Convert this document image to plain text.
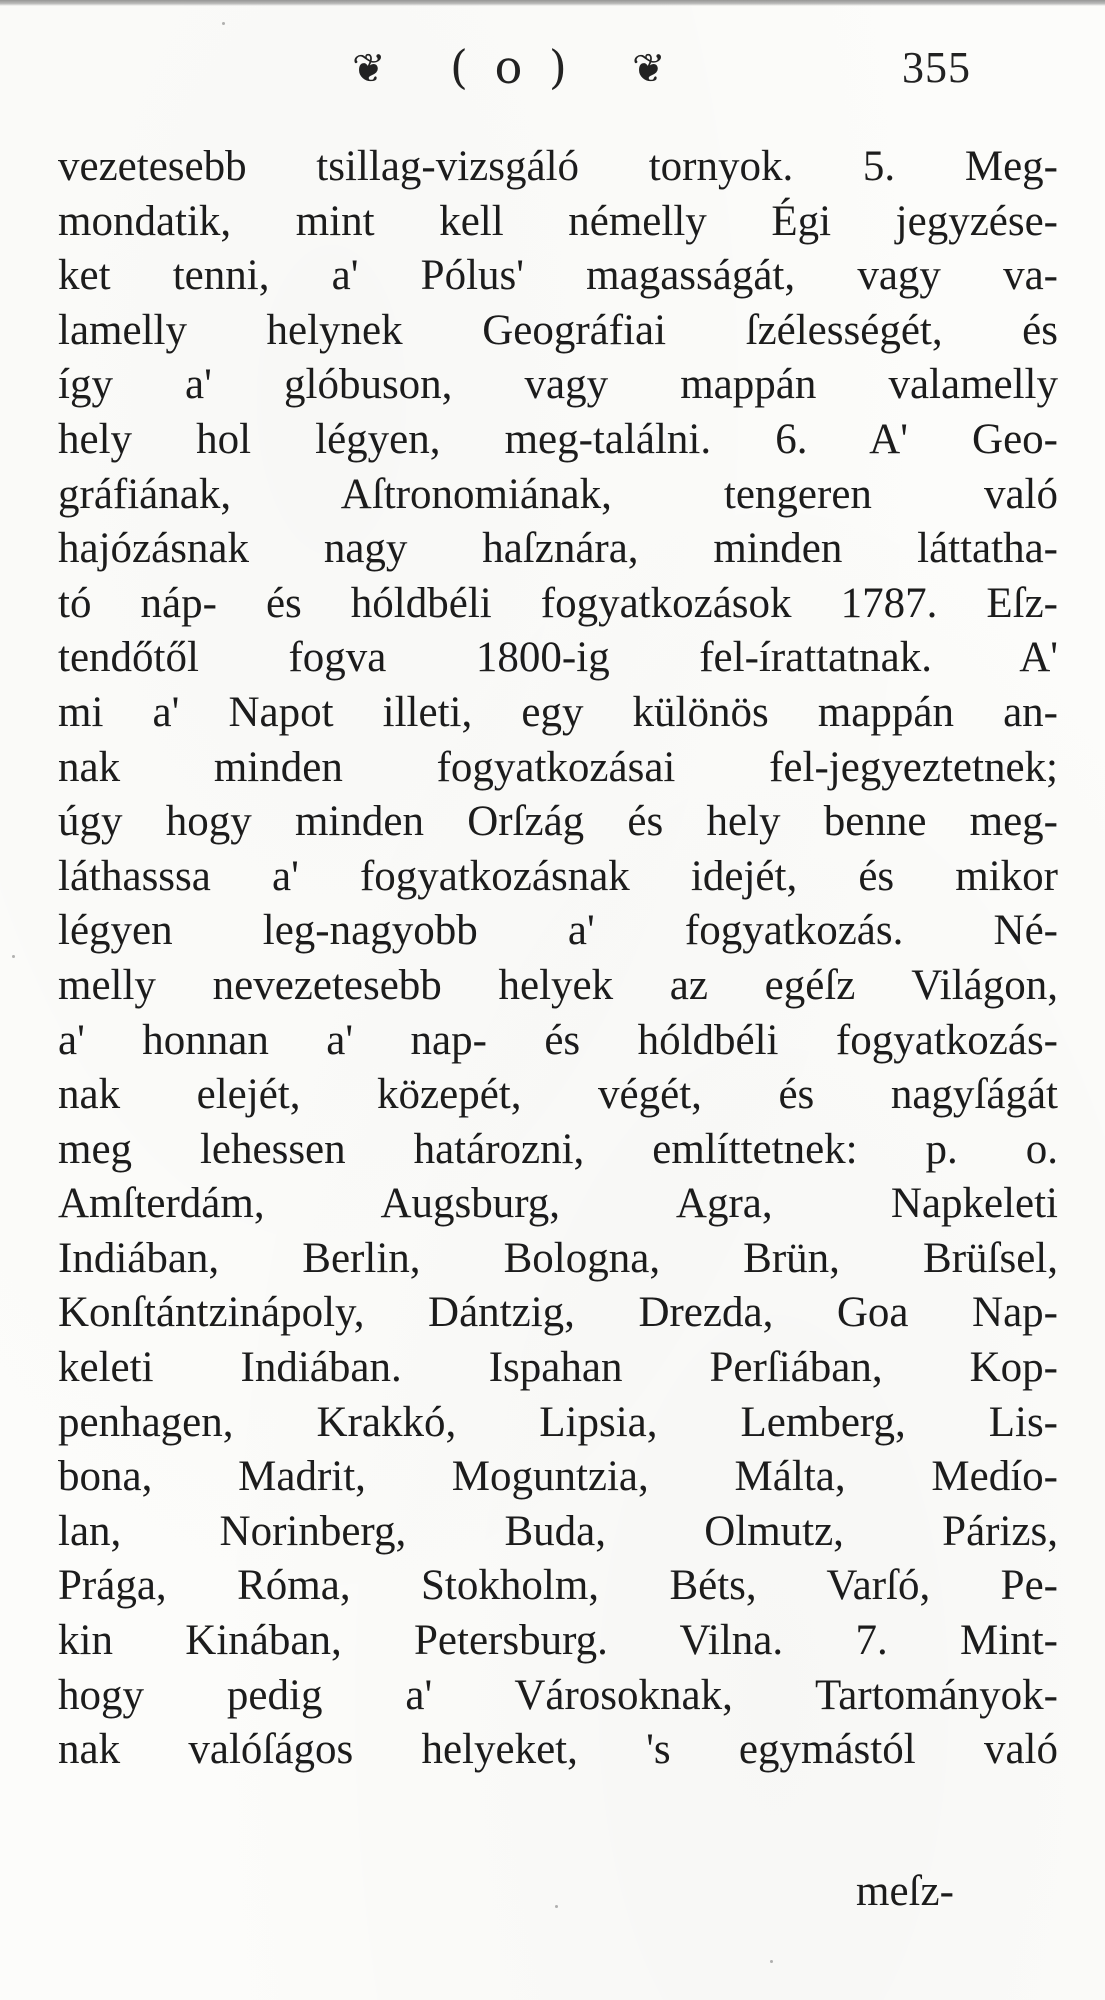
❦ ( o ) ❦	355
vezetesebb tsillag-vizsgáló tornyok. 5. Meg-
mondatik, mint kell némelly Égi jegyzése-
ket tenni, a' Pólus' magasságát, vagy va-
lamelly helynek Geográfiai ſzélességét, és
így a' glóbuson, vagy mappán valamelly
hely hol légyen, meg-találni. 6. A' Geo-
gráfiának, Aſtronomiának, tengeren való
hajózásnak nagy haſznára, minden láttatha-
tó náp- és hóldbéli fogyatkozások 1787. Eſz-
tendőtől fogva 1800-ig fel-írattatnak. A'
mi a' Napot illeti, egy különös mappán an-
nak minden fogyatkozásai fel-jegyeztetnek;
úgy hogy minden Orſzág és hely benne meg-
láthasssa a' fogyatkozásnak idejét, és mikor
légyen leg-nagyobb a' fogyatkozás. Né-
melly nevezetesebb helyek az egéſz Világon,
a' honnan a' nap- és hóldbéli fogyatkozás-
nak elejét, közepét, végét, és nagyſágát
meg lehessen határozni, említtetnek: p. o.
Amſterdám, Augsburg, Agra, Napkeleti
Indiában, Berlin, Bologna, Brün, Brüſsel,
Konſtántzinápoly, Dántzig, Drezda, Goa Nap-
keleti Indiában. Ispahan Perſiában, Kop-
penhagen, Krakkó, Lipsia, Lemberg, Lis-
bona, Madrit, Moguntzia, Málta, Medío-
lan, Norinberg, Buda, Olmutz, Párizs,
Prága, Róma, Stokholm, Béts, Varſó, Pe-
kin Kinában, Petersburg. Vilna. 7. Mint-
hogy pedig a' Városoknak, Tartományok-
nak valóſágos helyeket, 's egymástól való
meſz-
